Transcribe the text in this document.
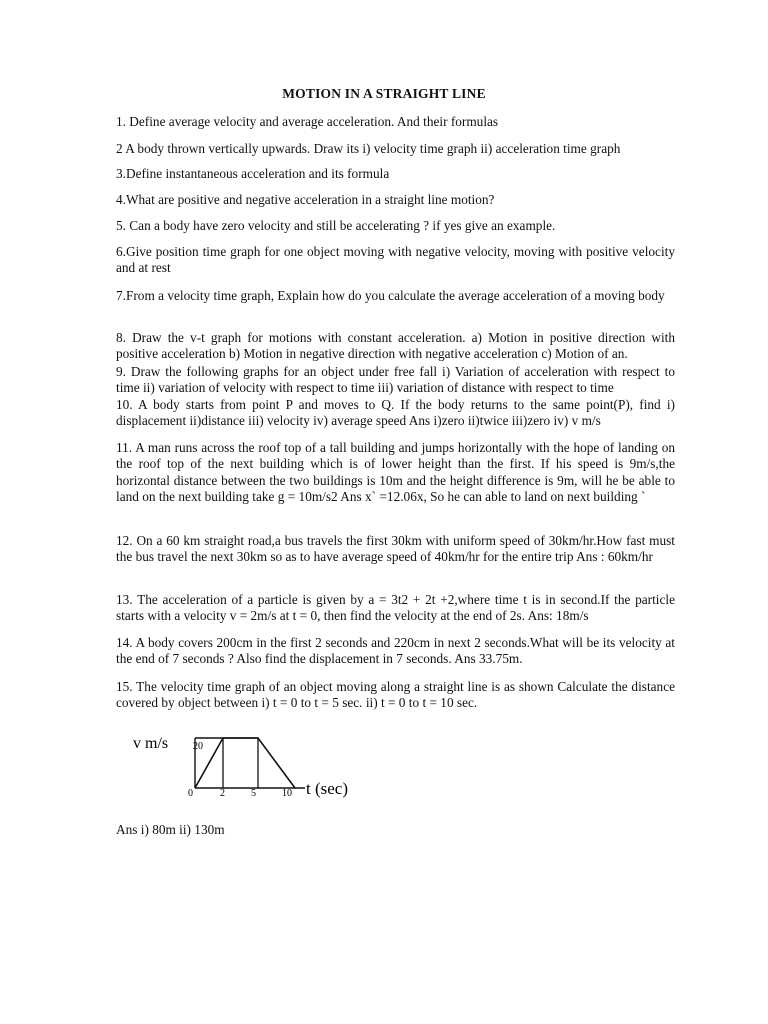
MOTION IN A STRAIGHT LINE
1. Define average velocity and average acceleration. And their formulas
2 A body thrown vertically upwards. Draw its i) velocity time graph ii) acceleration time graph
3.Define instantaneous acceleration and its formula
4.What are positive and negative acceleration in a straight line motion?
5. Can a body have zero velocity and still be accelerating ? if yes give an example.
6.Give position time graph for one object moving with negative velocity, moving with positive velocity and at rest
7.From a velocity time graph, Explain how do you calculate the average acceleration of a moving body
8. Draw the v-t graph for motions with constant acceleration. a) Motion in positive direction with positive acceleration b) Motion in negative direction with negative acceleration c) Motion of an.
9. Draw the following graphs for an object under free fall i) Variation of acceleration with respect to time ii) variation of velocity with respect to time iii) variation of distance with respect to time
10. A body starts from point P and moves to Q. If the body returns to the same point(P), find i) displacement ii)distance iii) velocity iv) average speed Ans i)zero ii)twice iii)zero iv) v m/s
11. A man runs across the roof top of a tall building and jumps horizontally with the hope of landing on the roof top of the next building which is of lower height than the first. If his speed is 9m/s,the horizontal distance between the two buildings is 10m and the height difference is 9m, will he be able to land on the next building take g = 10m/s2 Ans x` =12.06x, So he can able to land on next building `
12. On a 60 km straight road,a bus travels the first 30km with uniform speed of 30km/hr.How fast must the bus travel the next 30km so as to have average speed of 40km/hr for the entire trip Ans : 60km/hr
13. The acceleration of a particle is given by a = 3t2 + 2t +2,where time t is in second.If the particle starts with a velocity v = 2m/s at t = 0, then find the velocity at the end of 2s. Ans: 18m/s
14. A body covers 200cm in the first 2 seconds and 220cm in next 2 seconds.What will be its velocity at the end of 7 seconds ? Also find the displacement in 7 seconds. Ans 33.75m.
15. The velocity time graph of an object moving along a straight line is as shown Calculate the distance covered by object between i) t = 0 to t = 5 sec. ii) t = 0 to t = 10 sec.
v m/s 20
0	2	5	10 t (sec)
Ans i) 80m ii) 130m
